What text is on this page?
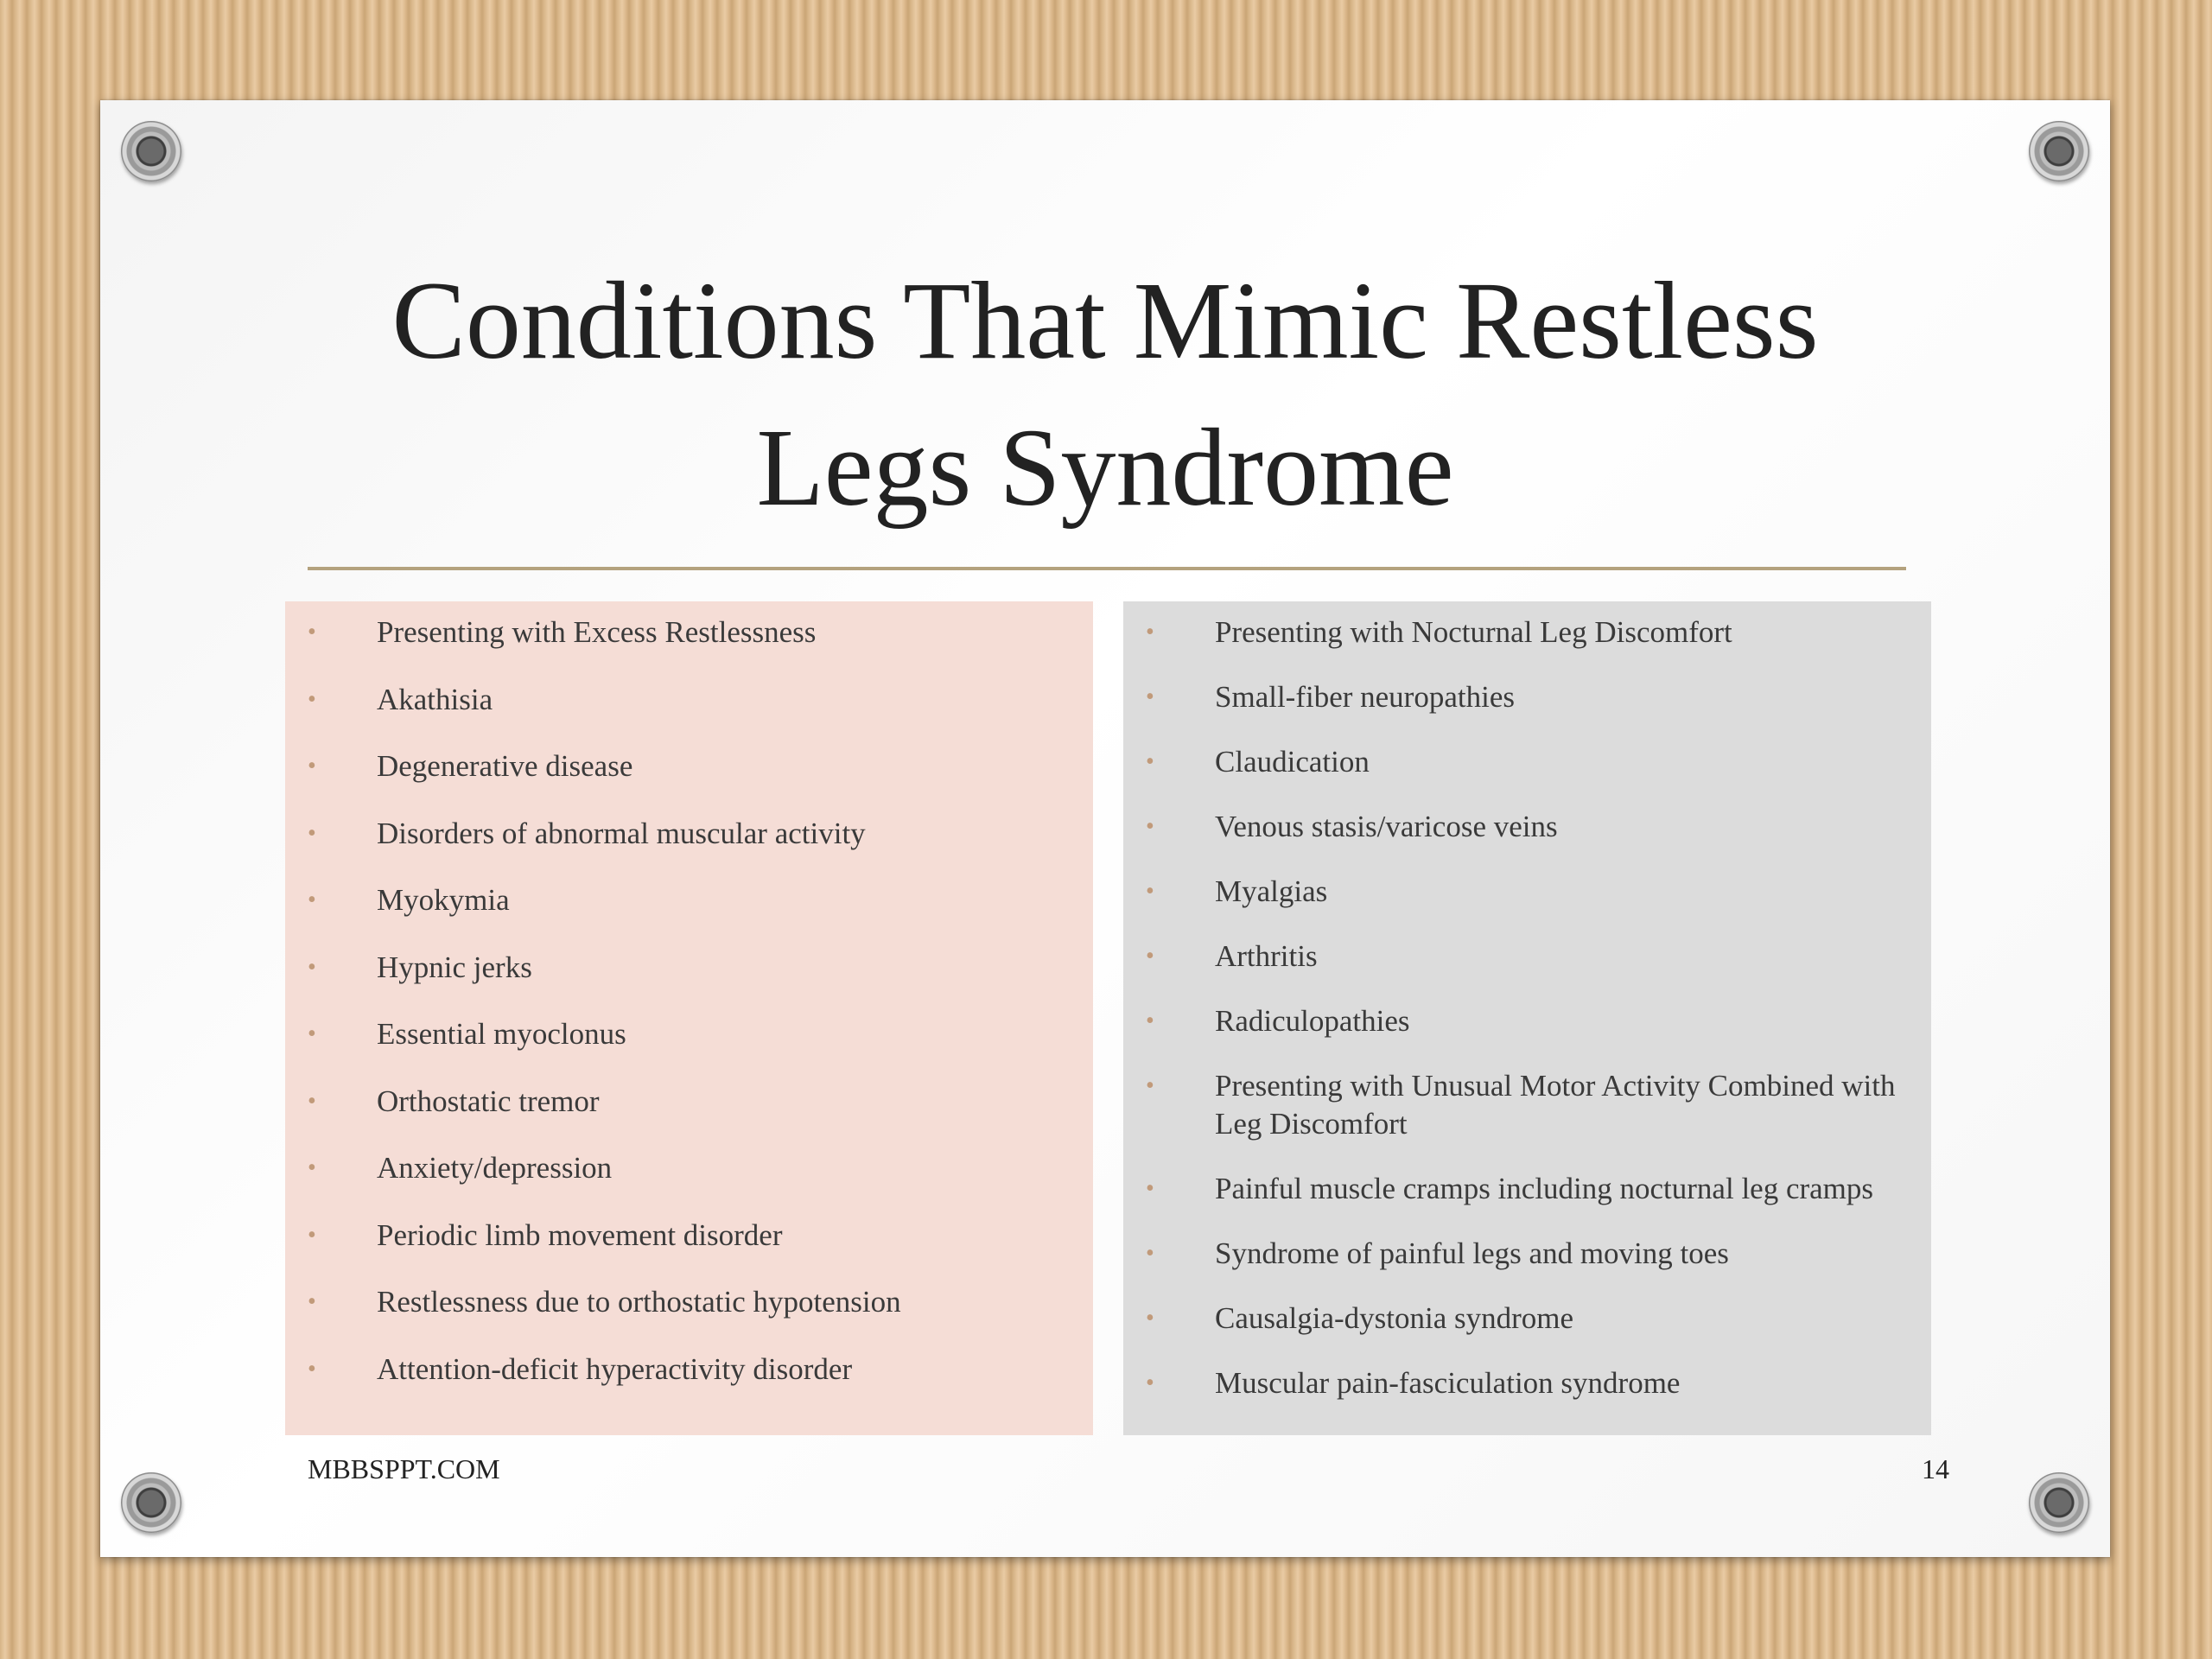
Conditions That Mimic Restless
Legs Syndrome
• Presenting with Excess Restlessness
• Akathisia
• Degenerative disease
• Disorders of abnormal muscular activity
• Myokymia
• Hypnic jerks
• Essential myoclonus
• Orthostatic tremor
• Anxiety/depression
• Periodic limb movement disorder
• Restlessness due to orthostatic hypotension
• Attention-deficit hyperactivity disorder
• Presenting with Nocturnal Leg Discomfort
• Small-fiber neuropathies
• Claudication
• Venous stasis/varicose veins
• Myalgias
• Arthritis
• Radiculopathies
• Presenting with Unusual Motor Activity Combined with Leg Discomfort
• Painful muscle cramps including nocturnal leg cramps
• Syndrome of painful legs and moving toes
• Causalgia-dystonia syndrome
• Muscular pain-fasciculation syndrome
MBBSPPT.COM	14
